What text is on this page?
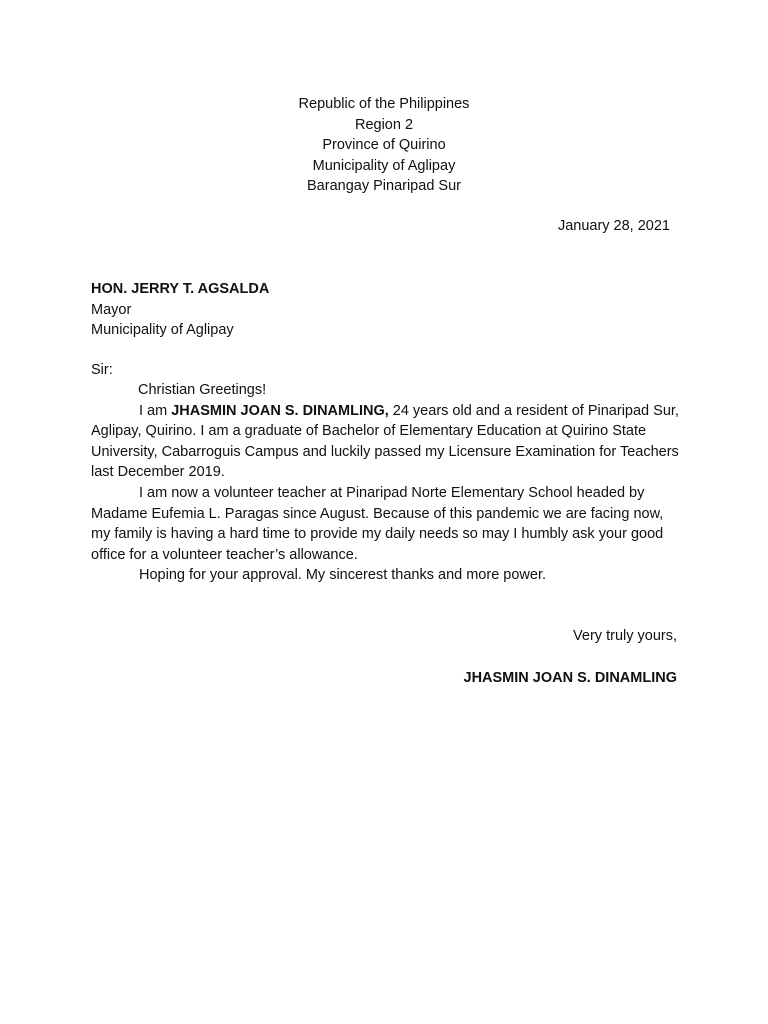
Republic of the Philippines
Region 2
Province of Quirino
Municipality of Aglipay
Barangay Pinaripad Sur
January 28, 2021
HON. JERRY T. AGSALDA
Mayor
Municipality of Aglipay
Sir:

Christian Greetings!

I am JHASMIN JOAN S. DINAMLING, 24 years old and a resident of Pinaripad Sur, Aglipay, Quirino. I am a graduate of Bachelor of Elementary Education at Quirino State University, Cabarroguis Campus and luckily passed my Licensure Examination for Teachers last December 2019.

I am now a volunteer teacher at Pinaripad Norte Elementary School headed by Madame Eufemia L. Paragas since August. Because of this pandemic we are facing now, my family is having a hard time to provide my daily needs so may I humbly ask your good office for a volunteer teacher’s allowance.

Hoping for your approval. My sincerest thanks and more power.

Very truly yours,
JHASMIN JOAN S. DINAMLING
